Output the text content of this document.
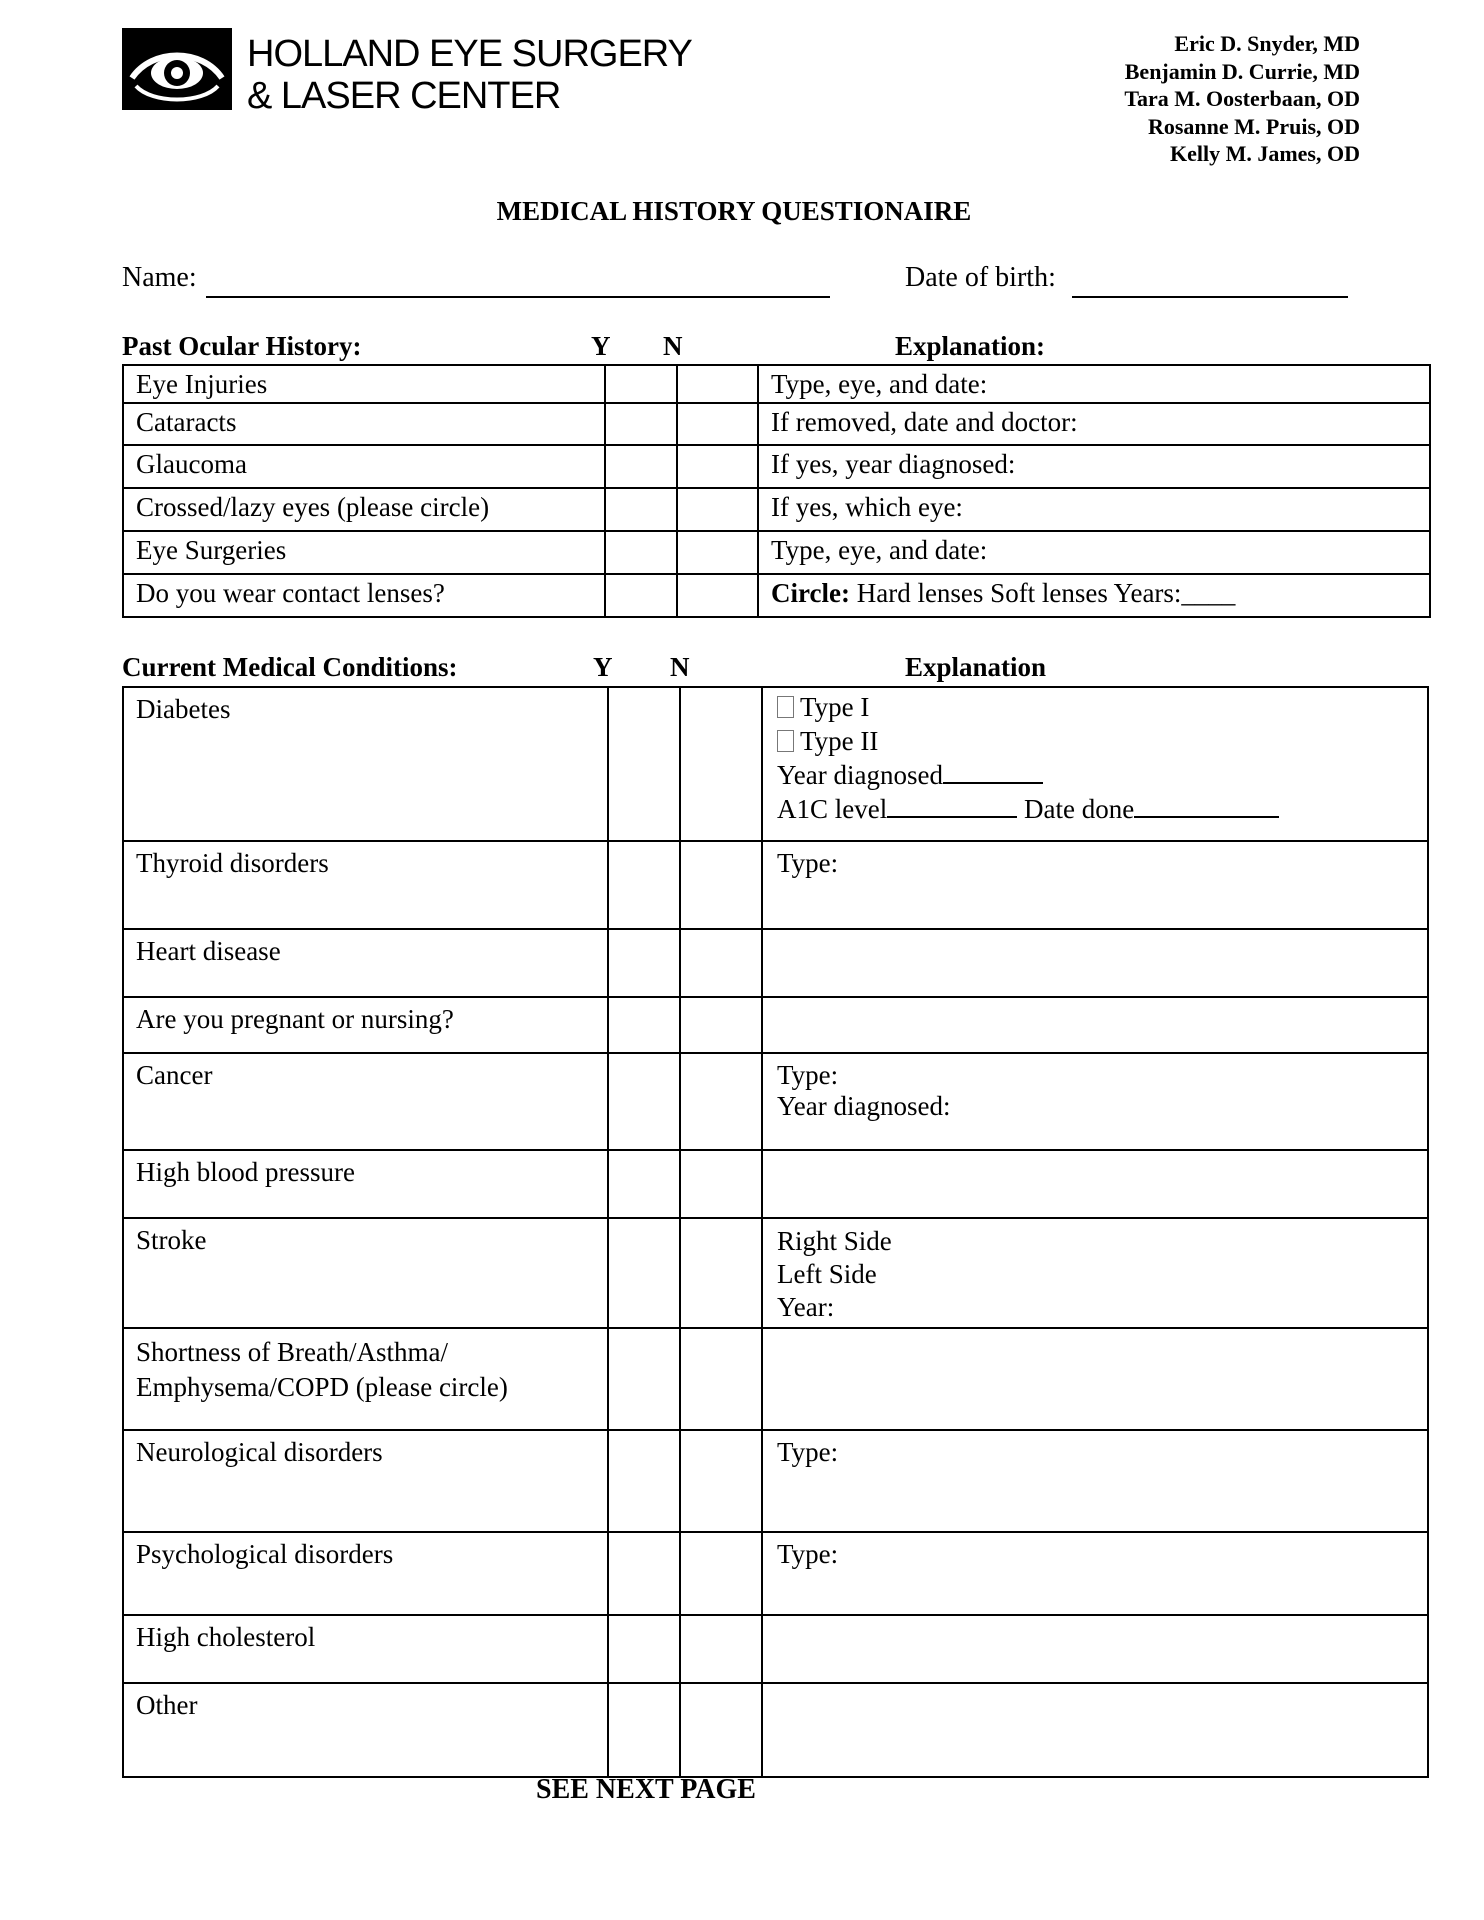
HOLLAND EYE SURGERY
& LASER CENTER
Eric D. Snyder, MD
Benjamin D. Currie, MD
Tara M. Oosterbaan, OD
Rosanne M. Pruis, OD
Kelly M. James, OD
MEDICAL HISTORY QUESTIONAIRE
Name:	Date of birth:
Past Ocular History:	Y N	Explanation:
Eye Injuries			Type, eye, and date:
Cataracts			If removed, date and doctor:
Glaucoma			If yes, year diagnosed:
Crossed/lazy eyes (please circle)			If yes, which eye:
Eye Surgeries			Type, eye, and date:
Do you wear contact lenses?			Circle: Hard lenses Soft lenses Years:____
Current Medical Conditions:	Y N	Explanation
Diabetes			Type I
Type II
Year diagnosed
A1C level Date done

Thyroid disorders			Type:

Heart disease			
Are you pregnant or nursing?			
Cancer			Type:
Year diagnosed:

High blood pressure			
Stroke			Right Side
Left Side
Year:

Shortness of Breath/Asthma/
Emphysema/COPD (please circle)			

Neurological disorders			Type:

Psychological disorders			Type:

High cholesterol			
Other			
SEE NEXT PAGE
